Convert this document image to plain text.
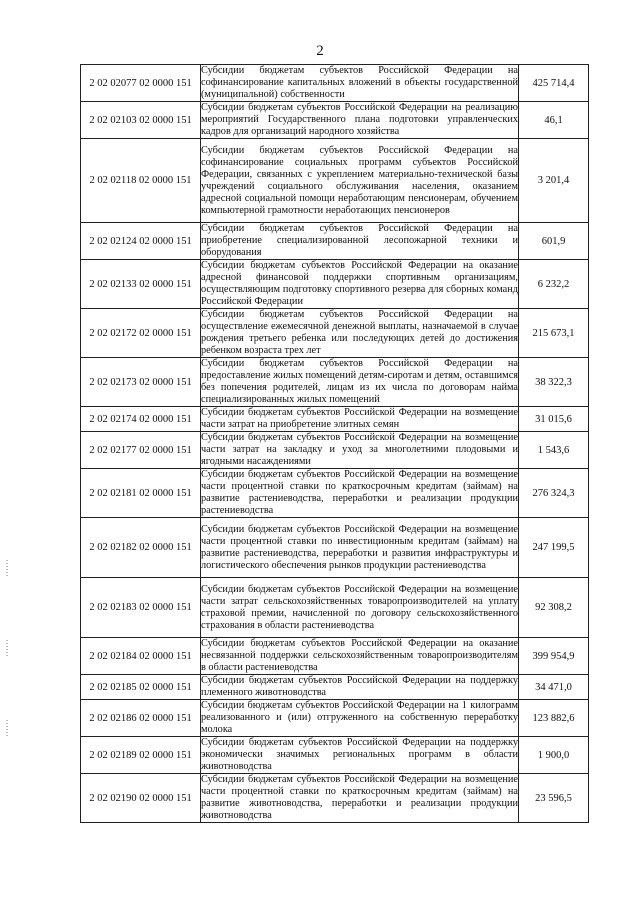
2
2 02 02077 02 0000 151	Субсидии бюджетам субъектов Российской Федерации на софинансирование капитальных вложений в объекты государственной (муниципальной) собственности	425 714,4
2 02 02103 02 0000 151	Субсидии бюджетам субъектов Российской Федерации на реализацию мероприятий Государственного плана подготовки управленческих кадров для организаций народного хозяйства	46,1
2 02 02118 02 0000 151	Субсидии бюджетам субъектов Российской Федерации на софинансирование социальных программ субъектов Российской Федерации, связанных с укреплением материально-технической базы учреждений социального обслуживания населения, оказанием адресной социальной помощи неработающим пенсионерам, обучением компьютерной грамотности неработающих пенсионеров	3 201,4
2 02 02124 02 0000 151	Субсидии бюджетам субъектов Российской Федерации на приобретение специализированной лесопожарной техники и оборудования	601,9
2 02 02133 02 0000 151	Субсидии бюджетам субъектов Российской Федерации на оказание адресной финансовой поддержки спортивным организациям, осуществляющим подготовку спортивного резерва для сборных команд Российской Федерации	6 232,2
2 02 02172 02 0000 151	Субсидии бюджетам субъектов Российской Федерации на осуществление ежемесячной денежной выплаты, назначаемой в случае рождения третьего ребенка или последующих детей до достижения ребенком возраста трех лет	215 673,1
2 02 02173 02 0000 151	Субсидии бюджетам субъектов Российской Федерации на предоставление жилых помещений детям-сиротам и детям, оставшимся без попечения родителей, лицам из их числа по договорам найма специализированных жилых помещений	38 322,3
2 02 02174 02 0000 151	Субсидии бюджетам субъектов Российской Федерации на возмещение части затрат на приобретение элитных семян	31 015,6
2 02 02177 02 0000 151	Субсидии бюджетам субъектов Российской Федерации на возмещение части затрат на закладку и уход за многолетними плодовыми и ягодными насаждениями	1 543,6
2 02 02181 02 0000 151	Субсидии бюджетам субъектов Российской Федерации на возмещение части процентной ставки по краткосрочным кредитам (займам) на развитие растениеводства, переработки и реализации продукции растениеводства	276 324,3
2 02 02182 02 0000 151	Субсидии бюджетам субъектов Российской Федерации на возмещение части процентной ставки по инвестиционным кредитам (займам) на развитие растениеводства, переработки и развития инфраструктуры и логистического обеспечения рынков продукции растениеводства	247 199,5
2 02 02183 02 0000 151	Субсидии бюджетам субъектов Российской Федерации на возмещение части затрат сельскохозяйственных товаропроизводителей на уплату страховой премии, начисленной по договору сельскохозяйственного страхования в области растениеводства	92 308,2
2 02 02184 02 0000 151	Субсидии бюджетам субъектов Российской Федерации на оказание несвязанной поддержки сельскохозяйственным товаропроизводителям в области растениеводства	399 954,9
2 02 02185 02 0000 151	Субсидии бюджетам субъектов Российской Федерации на поддержку племенного животноводства	34 471,0
2 02 02186 02 0000 151	Субсидии бюджетам субъектов Российской Федерации на 1 килограмм реализованного и (или) отгруженного на собственную переработку молока	123 882,6
2 02 02189 02 0000 151	Субсидии бюджетам субъектов Российской Федерации на поддержку экономически значимых региональных программ в области животноводства	1 900,0
2 02 02190 02 0000 151	Субсидии бюджетам субъектов Российской Федерации на возмещение части процентной ставки по краткосрочным кредитам (займам) на развитие животноводства, переработки и реализации продукции животноводства	23 596,5
